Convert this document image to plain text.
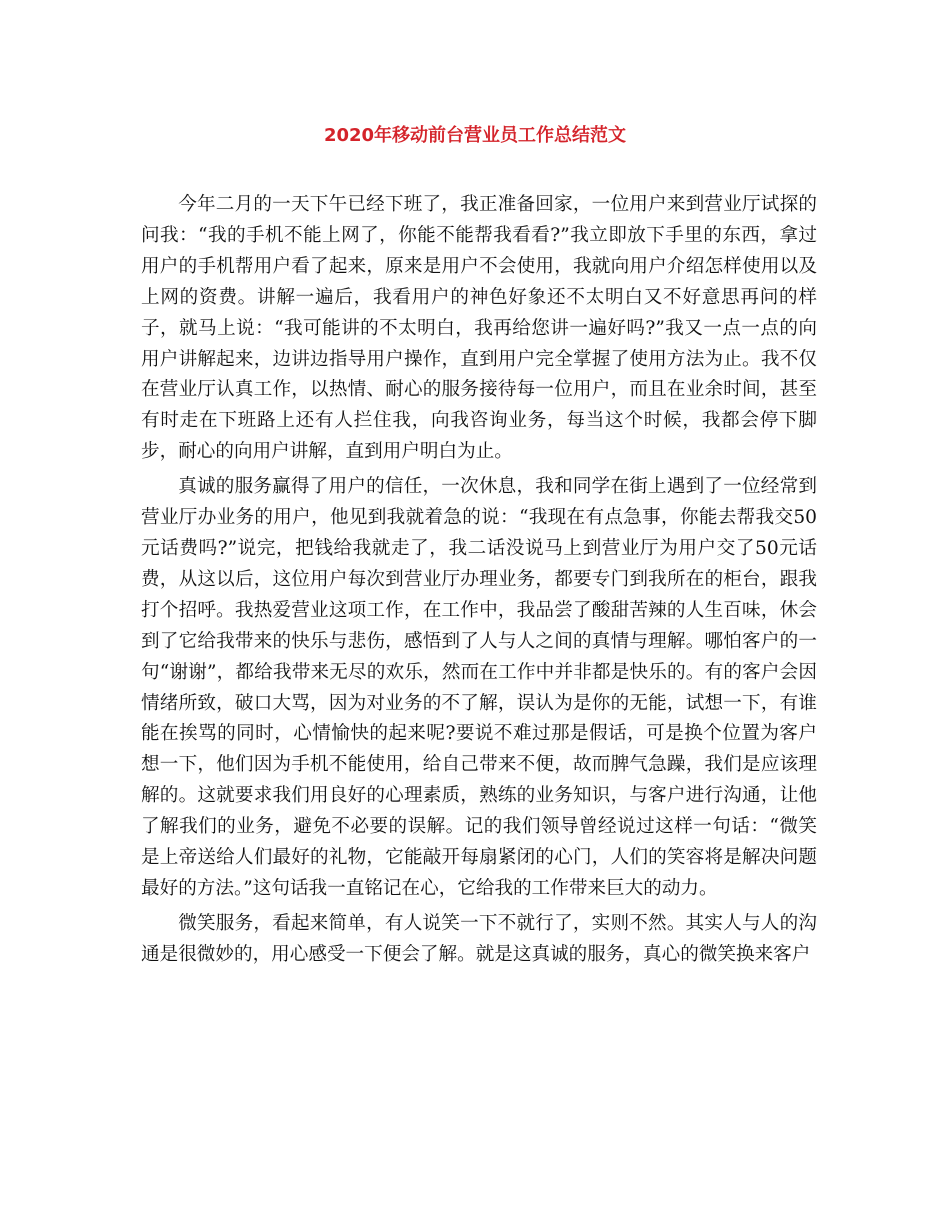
2020年移动前台营业员工作总结范文

今年二月的一天下午已经下班了，我正准备回家，一位用户来到营业厅试探的问我：“我的手机不能上网了，你能不能帮我看看?”我立即放下手里的东西，拿过用户的手机帮用户看了起来，原来是用户不会使用，我就向用户介绍怎样使用以及上网的资费。讲解一遍后，我看用户的神色好象还不太明白又不好意思再问的样子，就马上说：“我可能讲的不太明白，我再给您讲一遍好吗?”我又一点一点的向用户讲解起来，边讲边指导用户操作，直到用户完全掌握了使用方法为止。我不仅在营业厅认真工作，以热情、耐心的服务接待每一位用户，而且在业余时间，甚至有时走在下班路上还有人拦住我，向我咨询业务，每当这个时候，我都会停下脚步，耐心的向用户讲解，直到用户明白为止。

真诚的服务赢得了用户的信任，一次休息，我和同学在街上遇到了一位经常到营业厅办业务的用户，他见到我就着急的说：“我现在有点急事，你能去帮我交50元话费吗?”说完，把钱给我就走了，我二话没说马上到营业厅为用户交了50元话费，从这以后，这位用户每次到营业厅办理业务，都要专门到我所在的柜台，跟我打个招呼。我热爱营业这项工作，在工作中，我品尝了酸甜苦辣的人生百味，休会到了它给我带来的快乐与悲伤，感悟到了人与人之间的真情与理解。哪怕客户的一句“谢谢”，都给我带来无尽的欢乐，然而在工作中并非都是快乐的。有的客户会因情绪所致，破口大骂，因为对业务的不了解，误认为是你的无能，试想一下，有谁能在挨骂的同时，心情愉快的起来呢?要说不难过那是假话，可是换个位置为客户想一下，他们因为手机不能使用，给自己带来不便，故而脾气急躁，我们是应该理解的。这就要求我们用良好的心理素质，熟练的业务知识，与客户进行沟通，让他了解我们的业务，避免不必要的误解。记的我们领导曾经说过这样一句话：“微笑是上帝送给人们最好的礼物，它能敲开每扇紧闭的心门，人们的笑容将是解决问题最好的方法。”这句话我一直铭记在心，它给我的工作带来巨大的动力。

微笑服务，看起来简单，有人说笑一下不就行了，实则不然。其实人与人的沟通是很微妙的，用心感受一下便会了解。就是这真诚的服务，真心的微笑换来客户
